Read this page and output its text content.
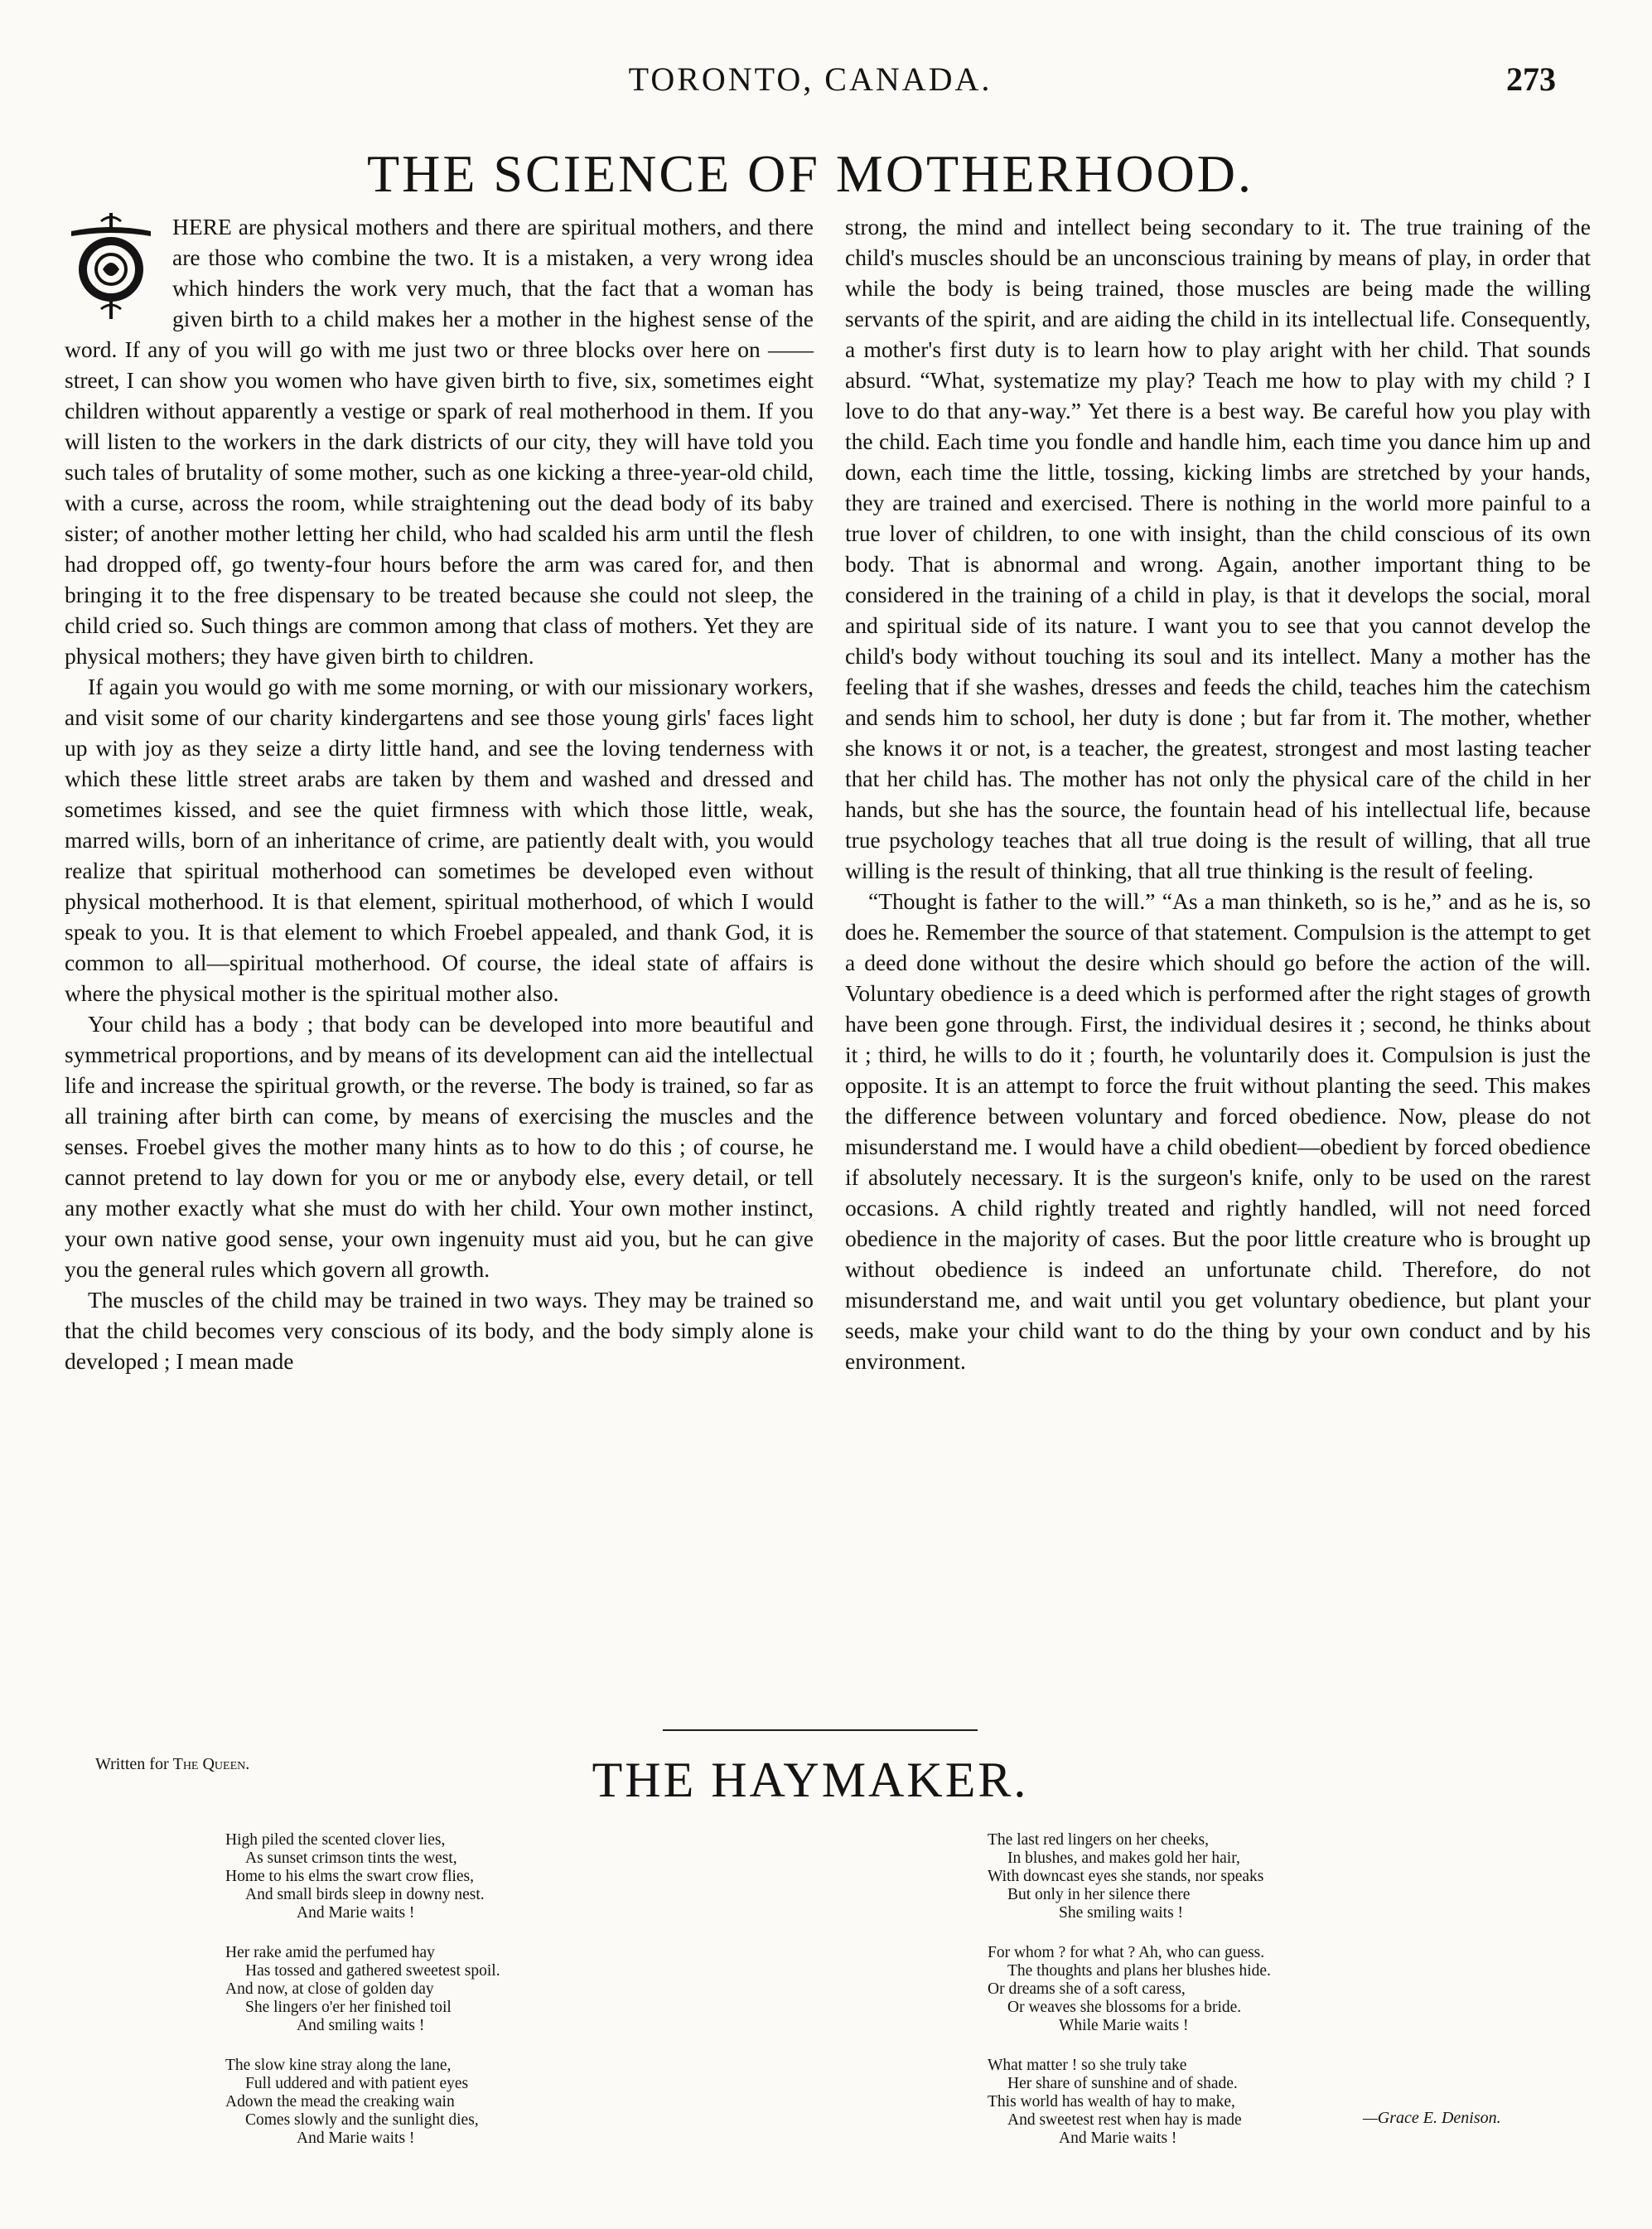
TORONTO, CANADA.	273
THE SCIENCE OF MOTHERHOOD.

HERE are physical mothers and there are spiritual mothers, and there are those who combine the two. It is a mistaken, a very wrong idea which hinders the work very much, that the fact that a woman has given birth to a child makes her a mother in the highest sense of the word. If any of you will go with me just two or three blocks over here on ——street, I can show you women who have given birth to five, six, sometimes eight children without apparently a vestige or spark of real motherhood in them. If you will listen to the workers in the dark districts of our city, they will have told you such tales of brutality of some mother, such as one kicking a three-year-old child, with a curse, across the room, while straightening out the dead body of its baby sister; of another mother letting her child, who had scalded his arm until the flesh had dropped off, go twenty-four hours before the arm was cared for, and then bringing it to the free dispensary to be treated because she could not sleep, the child cried so. Such things are common among that class of mothers. Yet they are physical mothers; they have given birth to children.

If again you would go with me some morning, or with our missionary workers, and visit some of our charity kindergartens and see those young girls' faces light up with joy as they seize a dirty little hand, and see the loving tenderness with which these little street arabs are taken by them and washed and dressed and sometimes kissed, and see the quiet firmness with which those little, weak, marred wills, born of an inheritance of crime, are patiently dealt with, you would realize that spiritual motherhood can sometimes be developed even without physical motherhood. It is that element, spiritual motherhood, of which I would speak to you. It is that element to which Froebel appealed, and thank God, it is common to all—spiritual motherhood. Of course, the ideal state of affairs is where the physical mother is the spiritual mother also.

Your child has a body ; that body can be developed into more beautiful and symmetrical proportions, and by means of its development can aid the intellectual life and increase the spiritual growth, or the reverse. The body is trained, so far as all training after birth can come, by means of exercising the muscles and the senses. Froebel gives the mother many hints as to how to do this ; of course, he cannot pretend to lay down for you or me or anybody else, every detail, or tell any mother exactly what she must do with her child. Your own mother instinct, your own native good sense, your own ingenuity must aid you, but he can give you the general rules which govern all growth.

The muscles of the child may be trained in two ways. They may be trained so that the child becomes very conscious of its body, and the body simply alone is developed ; I mean made

strong, the mind and intellect being secondary to it. The true training of the child's muscles should be an unconscious training by means of play, in order that while the body is being trained, those muscles are being made the willing servants of the spirit, and are aiding the child in its intellectual life. Consequently, a mother's first duty is to learn how to play aright with her child. That sounds absurd. “What, systematize my play? Teach me how to play with my child ? I love to do that any-way.” Yet there is a best way. Be careful how you play with the child. Each time you fondle and handle him, each time you dance him up and down, each time the little, tossing, kicking limbs are stretched by your hands, they are trained and exercised. There is nothing in the world more painful to a true lover of children, to one with insight, than the child conscious of its own body. That is abnormal and wrong. Again, another important thing to be considered in the training of a child in play, is that it develops the social, moral and spiritual side of its nature. I want you to see that you cannot develop the child's body without touching its soul and its intellect. Many a mother has the feeling that if she washes, dresses and feeds the child, teaches him the catechism and sends him to school, her duty is done ; but far from it. The mother, whether she knows it or not, is a teacher, the greatest, strongest and most lasting teacher that her child has. The mother has not only the physical care of the child in her hands, but she has the source, the fountain head of his intellectual life, because true psychology teaches that all true doing is the result of willing, that all true willing is the result of thinking, that all true thinking is the result of feeling.

“Thought is father to the will.” “As a man thinketh, so is he,” and as he is, so does he. Remember the source of that statement. Compulsion is the attempt to get a deed done without the desire which should go before the action of the will. Voluntary obedience is a deed which is performed after the right stages of growth have been gone through. First, the individual desires it ; second, he thinks about it ; third, he wills to do it ; fourth, he voluntarily does it. Compulsion is just the opposite. It is an attempt to force the fruit without planting the seed. This makes the difference between voluntary and forced obedience. Now, please do not misunderstand me. I would have a child obedient—obedient by forced obedience if absolutely necessary. It is the surgeon's knife, only to be used on the rarest occasions. A child rightly treated and rightly handled, will not need forced obedience in the majority of cases. But the poor little creature who is brought up without obedience is indeed an unfortunate child. Therefore, do not misunderstand me, and wait until you get voluntary obedience, but plant your seeds, make your child want to do the thing by your own conduct and by his environment.

Written for The Queen.	THE HAYMAKER.
High piled the scented clover lies,
As sunset crimson tints the west,
Home to his elms the swart crow flies,
And small birds sleep in downy nest.
And Marie waits !
Her rake amid the perfumed hay
Has tossed and gathered sweetest spoil.
And now, at close of golden day
She lingers o'er her finished toil
And smiling waits !
The slow kine stray along the lane,
Full uddered and with patient eyes
Adown the mead the creaking wain
Comes slowly and the sunlight dies,
And Marie waits !
The last red lingers on her cheeks,
In blushes, and makes gold her hair,
With downcast eyes she stands, nor speaks
But only in her silence there
She smiling waits !
For whom ? for what ? Ah, who can guess.
The thoughts and plans her blushes hide.
Or dreams she of a soft caress,
Or weaves she blossoms for a bride.
While Marie waits !
What matter ! so she truly take
Her share of sunshine and of shade.
This world has wealth of hay to make,
And sweetest rest when hay is made
And Marie waits !
—Grace E. Denison.
